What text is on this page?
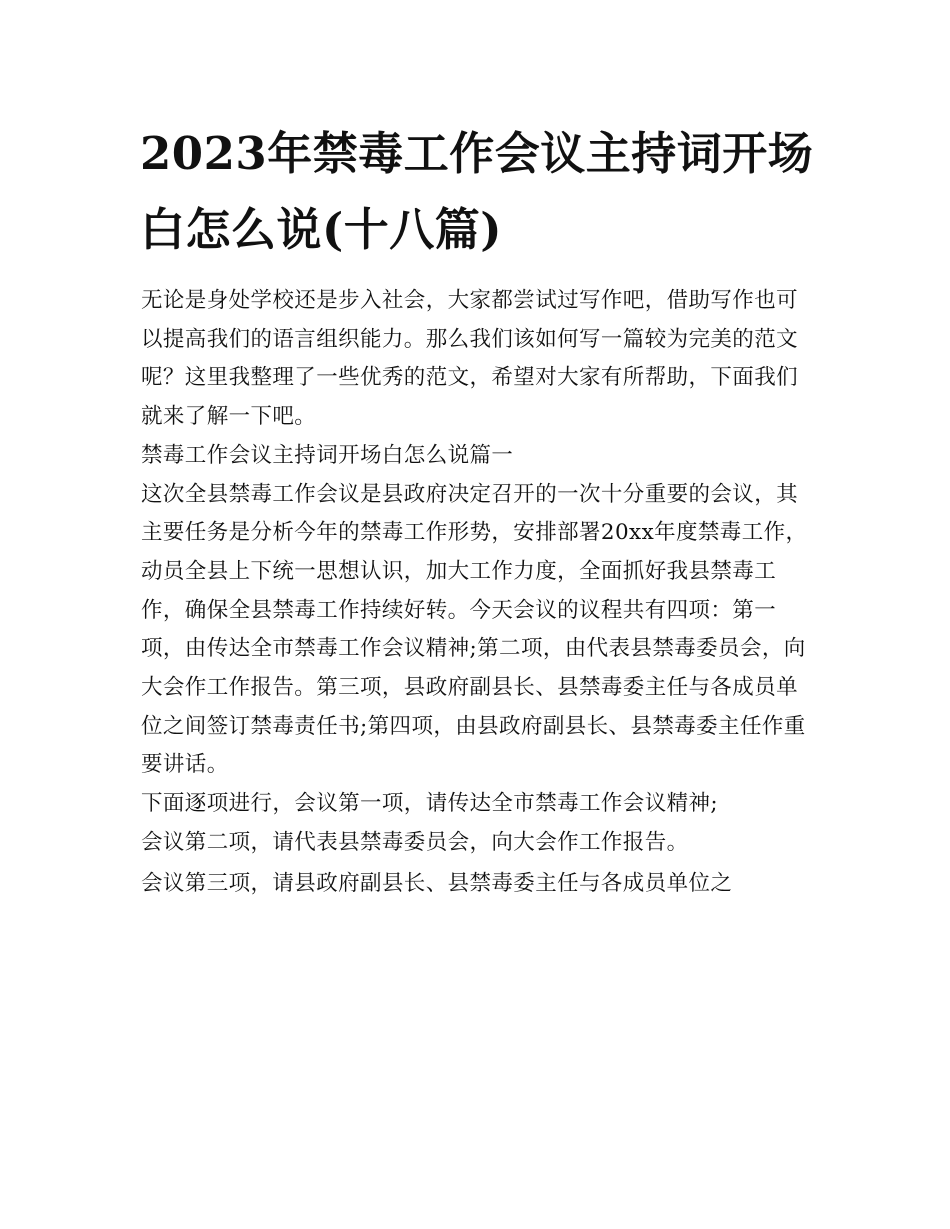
2023年禁毒工作会议主持词开场白怎么说(十八篇)

无论是身处学校还是步入社会，大家都尝试过写作吧，借助写作也可以提高我们的语言组织能力。那么我们该如何写一篇较为完美的范文呢？这里我整理了一些优秀的范文，希望对大家有所帮助，下面我们就来了解一下吧。

禁毒工作会议主持词开场白怎么说篇一

这次全县禁毒工作会议是县政府决定召开的一次十分重要的会议，其主要任务是分析今年的禁毒工作形势，安排部署20xx年度禁毒工作，动员全县上下统一思想认识，加大工作力度，全面抓好我县禁毒工作，确保全县禁毒工作持续好转。今天会议的议程共有四项：第一项，由传达全市禁毒工作会议精神;第二项，由代表县禁毒委员会，向大会作工作报告。第三项，县政府副县长、县禁毒委主任与各成员单位之间签订禁毒责任书;第四项，由县政府副县长、县禁毒委主任作重要讲话。

下面逐项进行，会议第一项，请传达全市禁毒工作会议精神;

会议第二项，请代表县禁毒委员会，向大会作工作报告。

会议第三项，请县政府副县长、县禁毒委主任与各成员单位之
